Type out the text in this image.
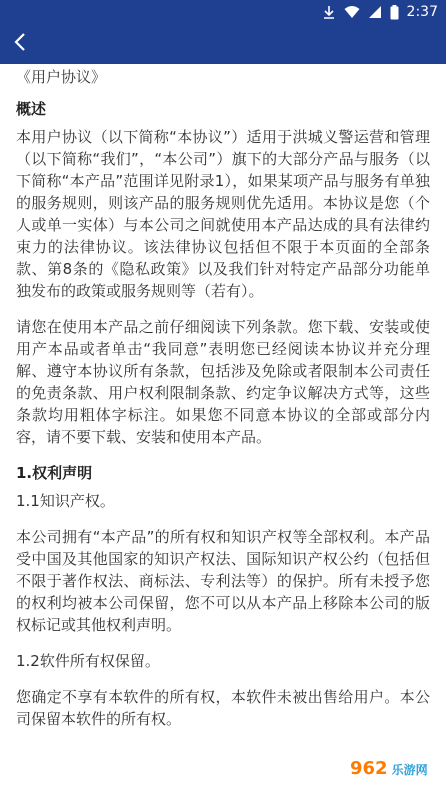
2:37
《用户协议》
概述

本用户协议（以下简称“本协议”）适用于洪城义警运营和管理（以下简称“我们”，“本公司”）旗下的大部分产品与服务（以下简称“本产品”范围详见附录1），如果某项产品与服务有单独的服务规则，则该产品的服务规则优先适用。本协议是您（个人或单一实体）与本公司之间就使用本产品达成的具有法律约束力的法律协议。该法律协议包括但不限于本页面的全部条款、第8条的《隐私政策》以及我们针对特定产品部分功能单独发布的政策或服务规则等（若有）。

请您在使用本产品之前仔细阅读下列条款。您下载、安装或使用产本品或者单击“我同意”表明您已经阅读本协议并充分理解、遵守本协议所有条款，包括涉及免除或者限制本公司责任的免责条款、用户权利限制条款、约定争议解决方式等，这些条款均用粗体字标注。如果您不同意本协议的全部或部分内容，请不要下载、安装和使用本产品。

1.权利声明
1.1知识产权。

本公司拥有“本产品”的所有权和知识产权等全部权利。本产品受中国及其他国家的知识产权法、国际知识产权公约（包括但不限于著作权法、商标法、专利法等）的保护。所有未授予您的权利均被本公司保留，您不可以从本产品上移除本公司的版权标记或其他权利声明。

1.2软件所有权保留。

您确定不享有本软件的所有权，本软件未被出售给用户。本公司保留本软件的所有权。

962 乐游网
